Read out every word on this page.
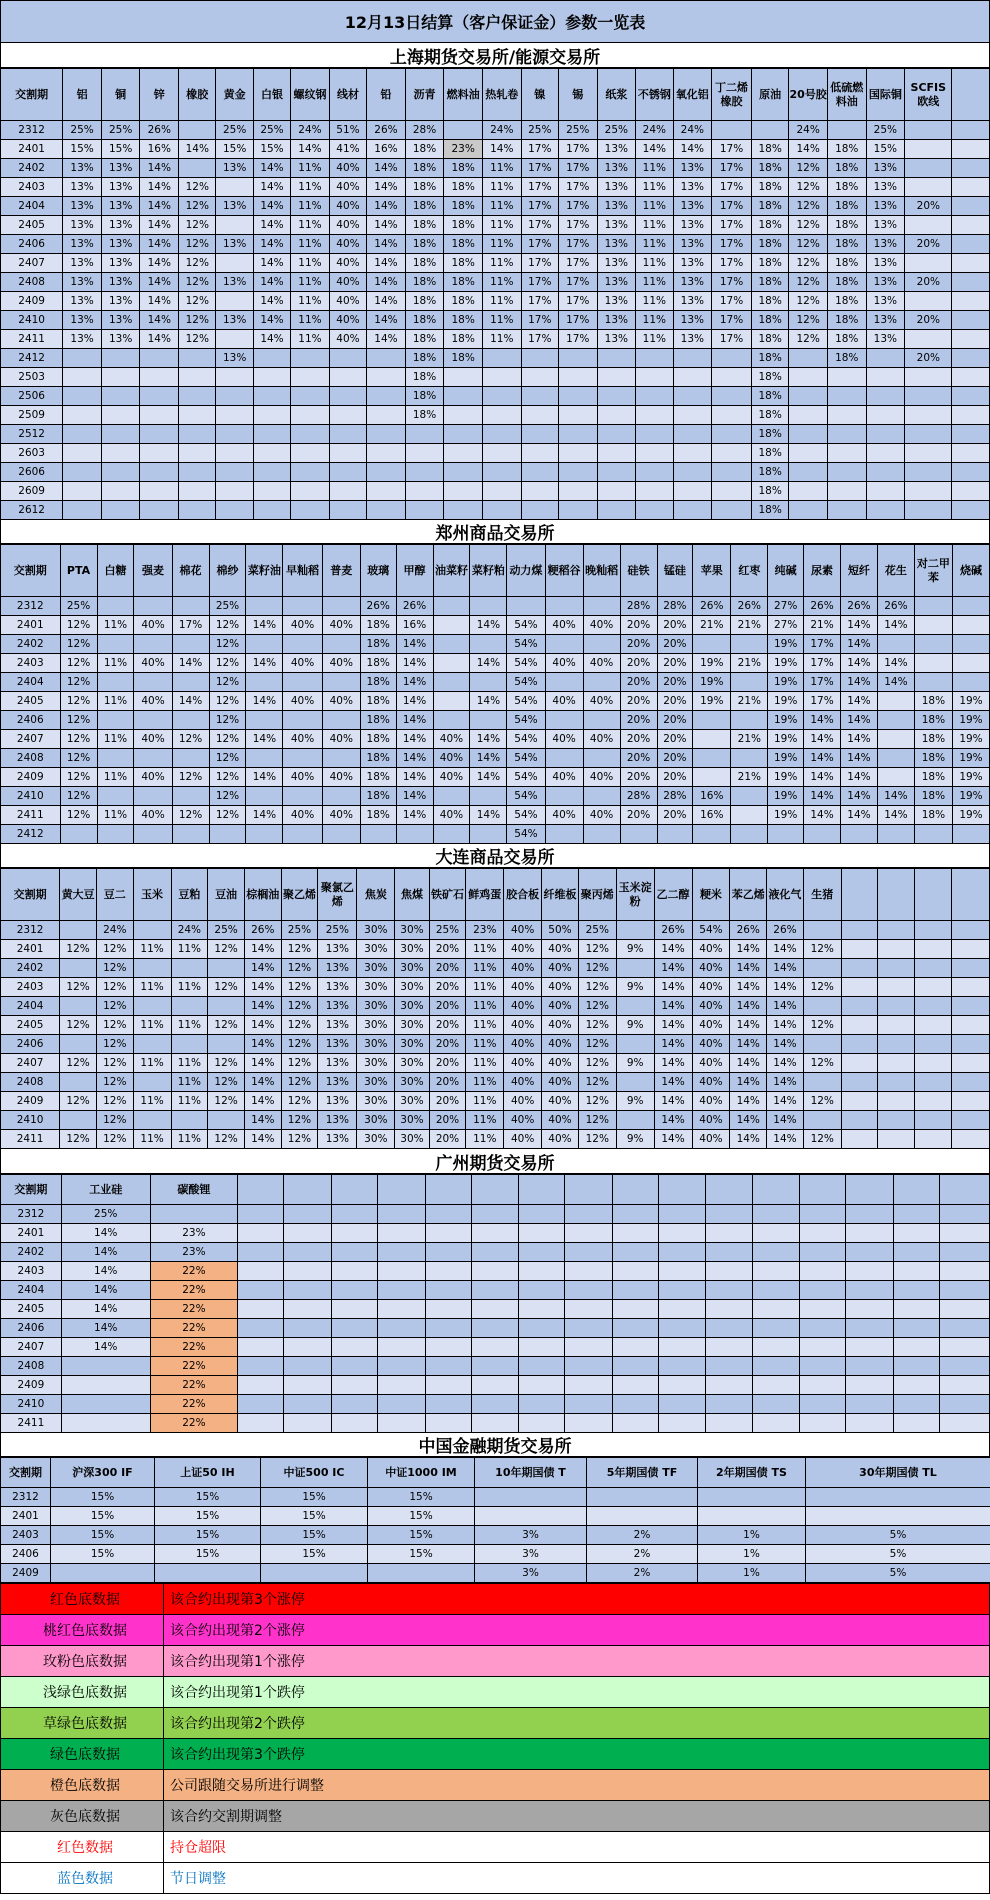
12月13日结算（客户保证金）参数一览表
上海期货交易所/能源交易所
交割期	铝	铜	锌	橡胶	黄金	白银	螺纹钢	线材	铅	沥青	燃料油	热轧卷	镍	锡	纸浆	不锈钢	氧化铝	丁二烯橡胶	原油	20号胶	低硫燃料油	国际铜	SCFIS欧线	
2312	25%	25%	26%		25%	25%	24%	51%	26%	28%		24%	25%	25%	25%	24%	24%			24%		25%		
2401	15%	15%	16%	14%	15%	15%	14%	41%	16%	18%	23%	14%	17%	17%	13%	14%	14%	17%	18%	14%	18%	15%		
2402	13%	13%	14%		13%	14%	11%	40%	14%	18%	18%	11%	17%	17%	13%	11%	13%	17%	18%	12%	18%	13%		
2403	13%	13%	14%	12%		14%	11%	40%	14%	18%	18%	11%	17%	17%	13%	11%	13%	17%	18%	12%	18%	13%		
2404	13%	13%	14%	12%	13%	14%	11%	40%	14%	18%	18%	11%	17%	17%	13%	11%	13%	17%	18%	12%	18%	13%	20%	
2405	13%	13%	14%	12%		14%	11%	40%	14%	18%	18%	11%	17%	17%	13%	11%	13%	17%	18%	12%	18%	13%		
2406	13%	13%	14%	12%	13%	14%	11%	40%	14%	18%	18%	11%	17%	17%	13%	11%	13%	17%	18%	12%	18%	13%	20%	
2407	13%	13%	14%	12%		14%	11%	40%	14%	18%	18%	11%	17%	17%	13%	11%	13%	17%	18%	12%	18%	13%		
2408	13%	13%	14%	12%	13%	14%	11%	40%	14%	18%	18%	11%	17%	17%	13%	11%	13%	17%	18%	12%	18%	13%	20%	
2409	13%	13%	14%	12%		14%	11%	40%	14%	18%	18%	11%	17%	17%	13%	11%	13%	17%	18%	12%	18%	13%		
2410	13%	13%	14%	12%	13%	14%	11%	40%	14%	18%	18%	11%	17%	17%	13%	11%	13%	17%	18%	12%	18%	13%	20%	
2411	13%	13%	14%	12%		14%	11%	40%	14%	18%	18%	11%	17%	17%	13%	11%	13%	17%	18%	12%	18%	13%		
2412					13%					18%	18%								18%		18%		20%	
2503										18%									18%					
2506										18%									18%					
2509										18%									18%					
2512																			18%					
2603																			18%					
2606																			18%					
2609																			18%					
2612																			18%					
郑州商品交易所
交割期	PTA	白糖	强麦	棉花	棉纱	菜籽油	早籼稻	普麦	玻璃	甲醇	油菜籽	菜籽粕	动力煤	粳稻谷	晚籼稻	硅铁	锰硅	苹果	红枣	纯碱	尿素	短纤	花生	对二甲苯	烧碱
2312	25%				25%				26%	26%						28%	28%	26%	26%	27%	26%	26%	26%		
2401	12%	11%	40%	17%	12%	14%	40%	40%	18%	16%		14%	54%	40%	40%	20%	20%	21%	21%	27%	21%	14%	14%		
2402	12%				12%				18%	14%			54%			20%	20%			19%	17%	14%			
2403	12%	11%	40%	14%	12%	14%	40%	40%	18%	14%		14%	54%	40%	40%	20%	20%	19%	21%	19%	17%	14%	14%		
2404	12%				12%				18%	14%			54%			20%	20%	19%		19%	17%	14%	14%		
2405	12%	11%	40%	14%	12%	14%	40%	40%	18%	14%		14%	54%	40%	40%	20%	20%	19%	21%	19%	17%	14%		18%	19%
2406	12%				12%				18%	14%			54%			20%	20%			19%	14%	14%		18%	19%
2407	12%	11%	40%	12%	12%	14%	40%	40%	18%	14%	40%	14%	54%	40%	40%	20%	20%		21%	19%	14%	14%		18%	19%
2408	12%				12%				18%	14%	40%	14%	54%			20%	20%			19%	14%	14%		18%	19%
2409	12%	11%	40%	12%	12%	14%	40%	40%	18%	14%	40%	14%	54%	40%	40%	20%	20%		21%	19%	14%	14%		18%	19%
2410	12%				12%				18%	14%			54%			28%	28%	16%		19%	14%	14%	14%	18%	19%
2411	12%	11%	40%	12%	12%	14%	40%	40%	18%	14%	40%	14%	54%	40%	40%	20%	20%	16%		19%	14%	14%	14%	18%	19%
2412													54%												
大连商品交易所
交割期	黄大豆	豆二	玉米	豆粕	豆油	棕榈油	聚乙烯	聚氯乙烯	焦炭	焦煤	铁矿石	鲜鸡蛋	胶合板	纤维板	聚丙烯	玉米淀粉	乙二醇	粳米	苯乙烯	液化气	生猪				
2312		24%		24%	25%	26%	25%	25%	30%	30%	25%	23%	40%	50%	25%		26%	54%	26%	26%					
2401	12%	12%	11%	11%	12%	14%	12%	13%	30%	30%	20%	11%	40%	40%	12%	9%	14%	40%	14%	14%	12%				
2402		12%				14%	12%	13%	30%	30%	20%	11%	40%	40%	12%		14%	40%	14%	14%					
2403	12%	12%	11%	11%	12%	14%	12%	13%	30%	30%	20%	11%	40%	40%	12%	9%	14%	40%	14%	14%	12%				
2404		12%				14%	12%	13%	30%	30%	20%	11%	40%	40%	12%		14%	40%	14%	14%					
2405	12%	12%	11%	11%	12%	14%	12%	13%	30%	30%	20%	11%	40%	40%	12%	9%	14%	40%	14%	14%	12%				
2406		12%				14%	12%	13%	30%	30%	20%	11%	40%	40%	12%		14%	40%	14%	14%					
2407	12%	12%	11%	11%	12%	14%	12%	13%	30%	30%	20%	11%	40%	40%	12%	9%	14%	40%	14%	14%	12%				
2408		12%		11%	12%	14%	12%	13%	30%	30%	20%	11%	40%	40%	12%		14%	40%	14%	14%					
2409	12%	12%	11%	11%	12%	14%	12%	13%	30%	30%	20%	11%	40%	40%	12%	9%	14%	40%	14%	14%	12%				
2410		12%				14%	12%	13%	30%	30%	20%	11%	40%	40%	12%		14%	40%	14%	14%					
2411	12%	12%	11%	11%	12%	14%	12%	13%	30%	30%	20%	11%	40%	40%	12%	9%	14%	40%	14%	14%	12%				
广州期货交易所
交割期	工业硅	碳酸锂																
2312	25%																	
2401	14%	23%																
2402	14%	23%																
2403	14%	22%																
2404	14%	22%																
2405	14%	22%																
2406	14%	22%																
2407	14%	22%																
2408		22%																
2409		22%																
2410		22%																
2411		22%																
中国金融期货交易所
交割期	沪深300 IF	上证50 IH	中证500 IC	中证1000 IM	10年期国债 T	5年期国债 TF	2年期国债 TS	30年期国债 TL
2312	15%	15%	15%	15%				
2401	15%	15%	15%	15%				
2403	15%	15%	15%	15%	3%	2%	1%	5%
2406	15%	15%	15%	15%	3%	2%	1%	5%
2409					3%	2%	1%	5%
红色底数据	该合约出现第3个涨停
桃红色底数据	该合约出现第2个涨停
玫粉色底数据	该合约出现第1个涨停
浅绿色底数据	该合约出现第1个跌停
草绿色底数据	该合约出现第2个跌停
绿色底数据	该合约出现第3个跌停
橙色底数据	公司跟随交易所进行调整
灰色底数据	该合约交割期调整
红色数据	持仓超限
蓝色数据	节日调整
